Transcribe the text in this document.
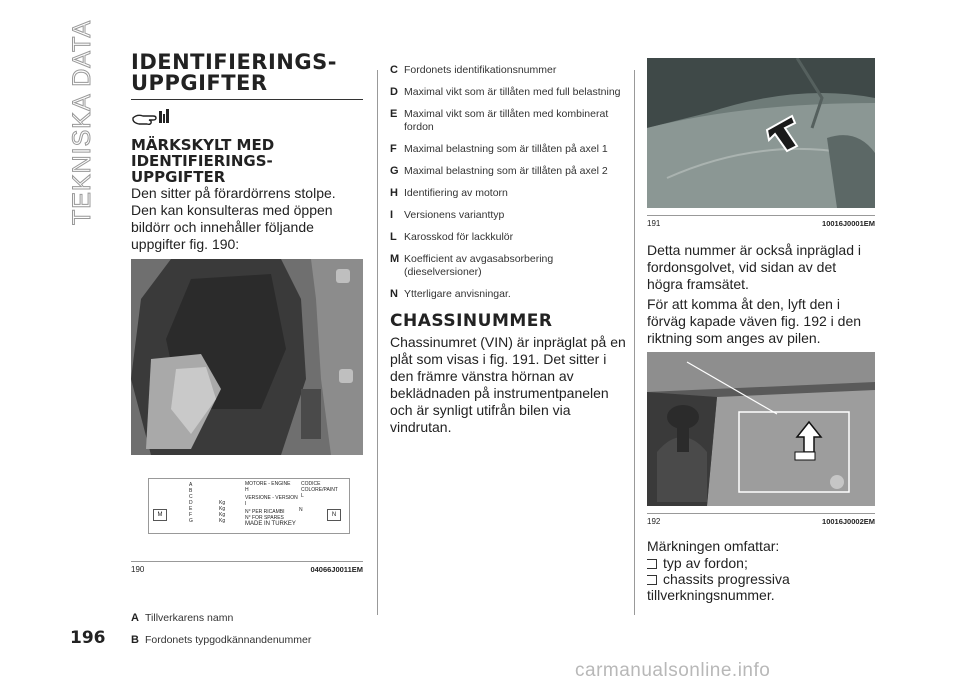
TEKNISKA DATA IDENTIFIERINGS-
UPPGIFTER
MÄRKSKYLT MED
IDENTIFIERINGS-
UPPGIFTER

Den sitter på förardörrens stolpe. Den kan konsulteras med öppen bildörr och innehåller följande uppgifter fig. 190:

A
B
C
D
E
F
G
Kg
Kg
Kg
Kg
MOTORE - ENGINE
H
VERSIONE - VERSION
I
N° PER RICAMBI
N° FOR SPARES
MADE IN TURKEY
CODICE COLORE/PAINT
L
N
M	N
190	04066J0011EM
A Tillverkarens namn
B Fordonets typgodkännandenummer
C Fordonets identifikationsnummer
D Maximal vikt som är tillåten med full belastning
E Maximal vikt som är tillåten med kombinerat fordon
F Maximal belastning som är tillåten på axel 1
G Maximal belastning som är tillåten på axel 2
H Identifiering av motorn
I	Versionens varianttyp
L Karosskod för lackkulör
M Koefficient av avgasabsorbering (dieselversioner)
N Ytterligare anvisningar.
CHASSINUMMER

Chassinumret (VIN) är inpräglat på en plåt som visas i fig. 191. Det sitter i den främre vänstra hörnan av beklädnaden på instrumentpanelen och är synligt utifrån bilen via vindrutan.

191	10016J0001EM

Detta nummer är också inpräglad i fordonsgolvet, vid sidan av det högra framsätet.

För att komma åt den, lyft den i förväg kapade väven fig. 192 i den riktning som anges av pilen.

192	10016J0002EM

Märkningen omfattar:

typ av fordon;
chassits progressiva

tillverkningsnummer.

196
carmanualsonline.info
